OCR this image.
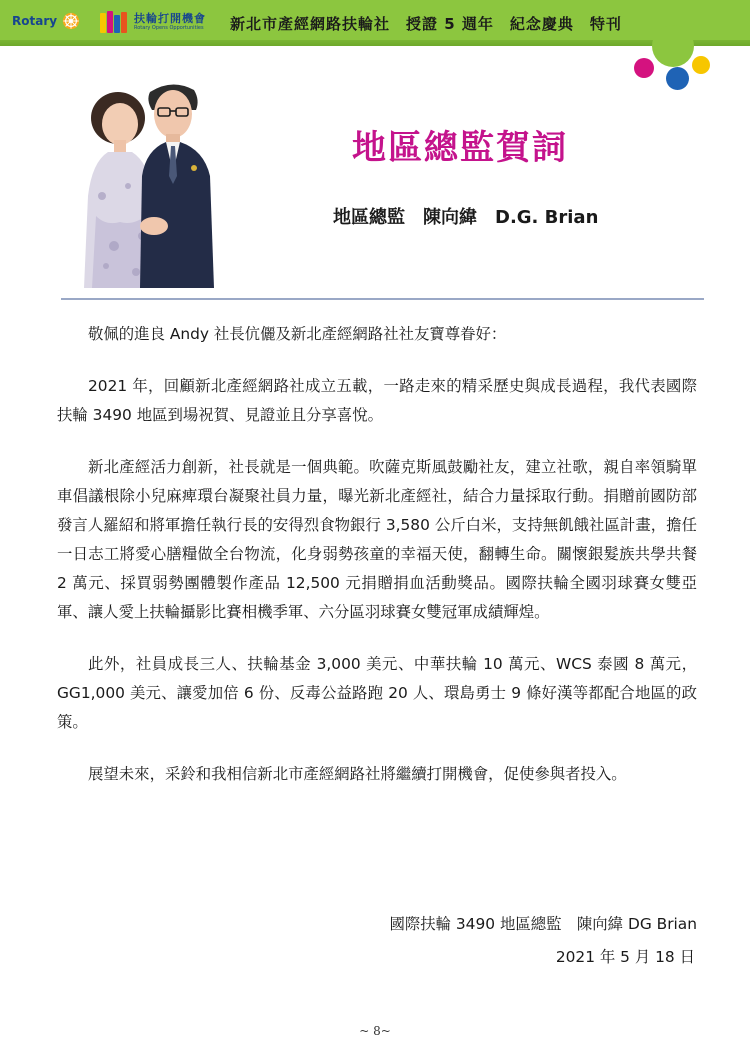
Rotary	扶輪打開機會
Rotary Opens Opportunities 新北市產經網路扶輪社　授證 5 週年　紀念慶典　特刊
地區總監賀詞
地區總監　陳向緯　D.G. Brian

敬佩的進良 Andy 社長伉儷及新北產經網路社社友寶尊眷好：

2021 年，回顧新北產經網路社成立五載，一路走來的精采歷史與成長過程，我代表國際扶輪 3490 地區到場祝賀、見證並且分享喜悅。

新北產經活力創新，社長就是一個典範。吹薩克斯風鼓勵社友，建立社歌，親自率領騎單車倡議根除小兒麻痺環台凝聚社員力量，曝光新北產經社，結合力量採取行動。捐贈前國防部發言人羅紹和將軍擔任執行長的安得烈食物銀行 3,580 公斤白米，支持無飢餓社區計畫，擔任一日志工將愛心膳糧做全台物流，化身弱勢孩童的幸福天使，翻轉生命。關懷銀髮族共學共餐 2 萬元、採買弱勢團體製作產品 12,500 元捐贈捐血活動獎品。國際扶輪全國羽球賽女雙亞軍、讓人愛上扶輪攝影比賽相機季軍、六分區羽球賽女雙冠軍成績輝煌。

此外，社員成長三人、扶輪基金 3,000 美元、中華扶輪 10 萬元、WCS 泰國 8 萬元，GG1,000 美元、讓愛加倍 6 份、反毒公益路跑 20 人、環島勇士 9 條好漢等都配合地區的政策。

展望未來，采鈴和我相信新北市產經網路社將繼續打開機會，促使參與者投入。

國際扶輪 3490 地區總監　陳向緯 DG Brian
2021 年 5 月 18 日
~ 8~
